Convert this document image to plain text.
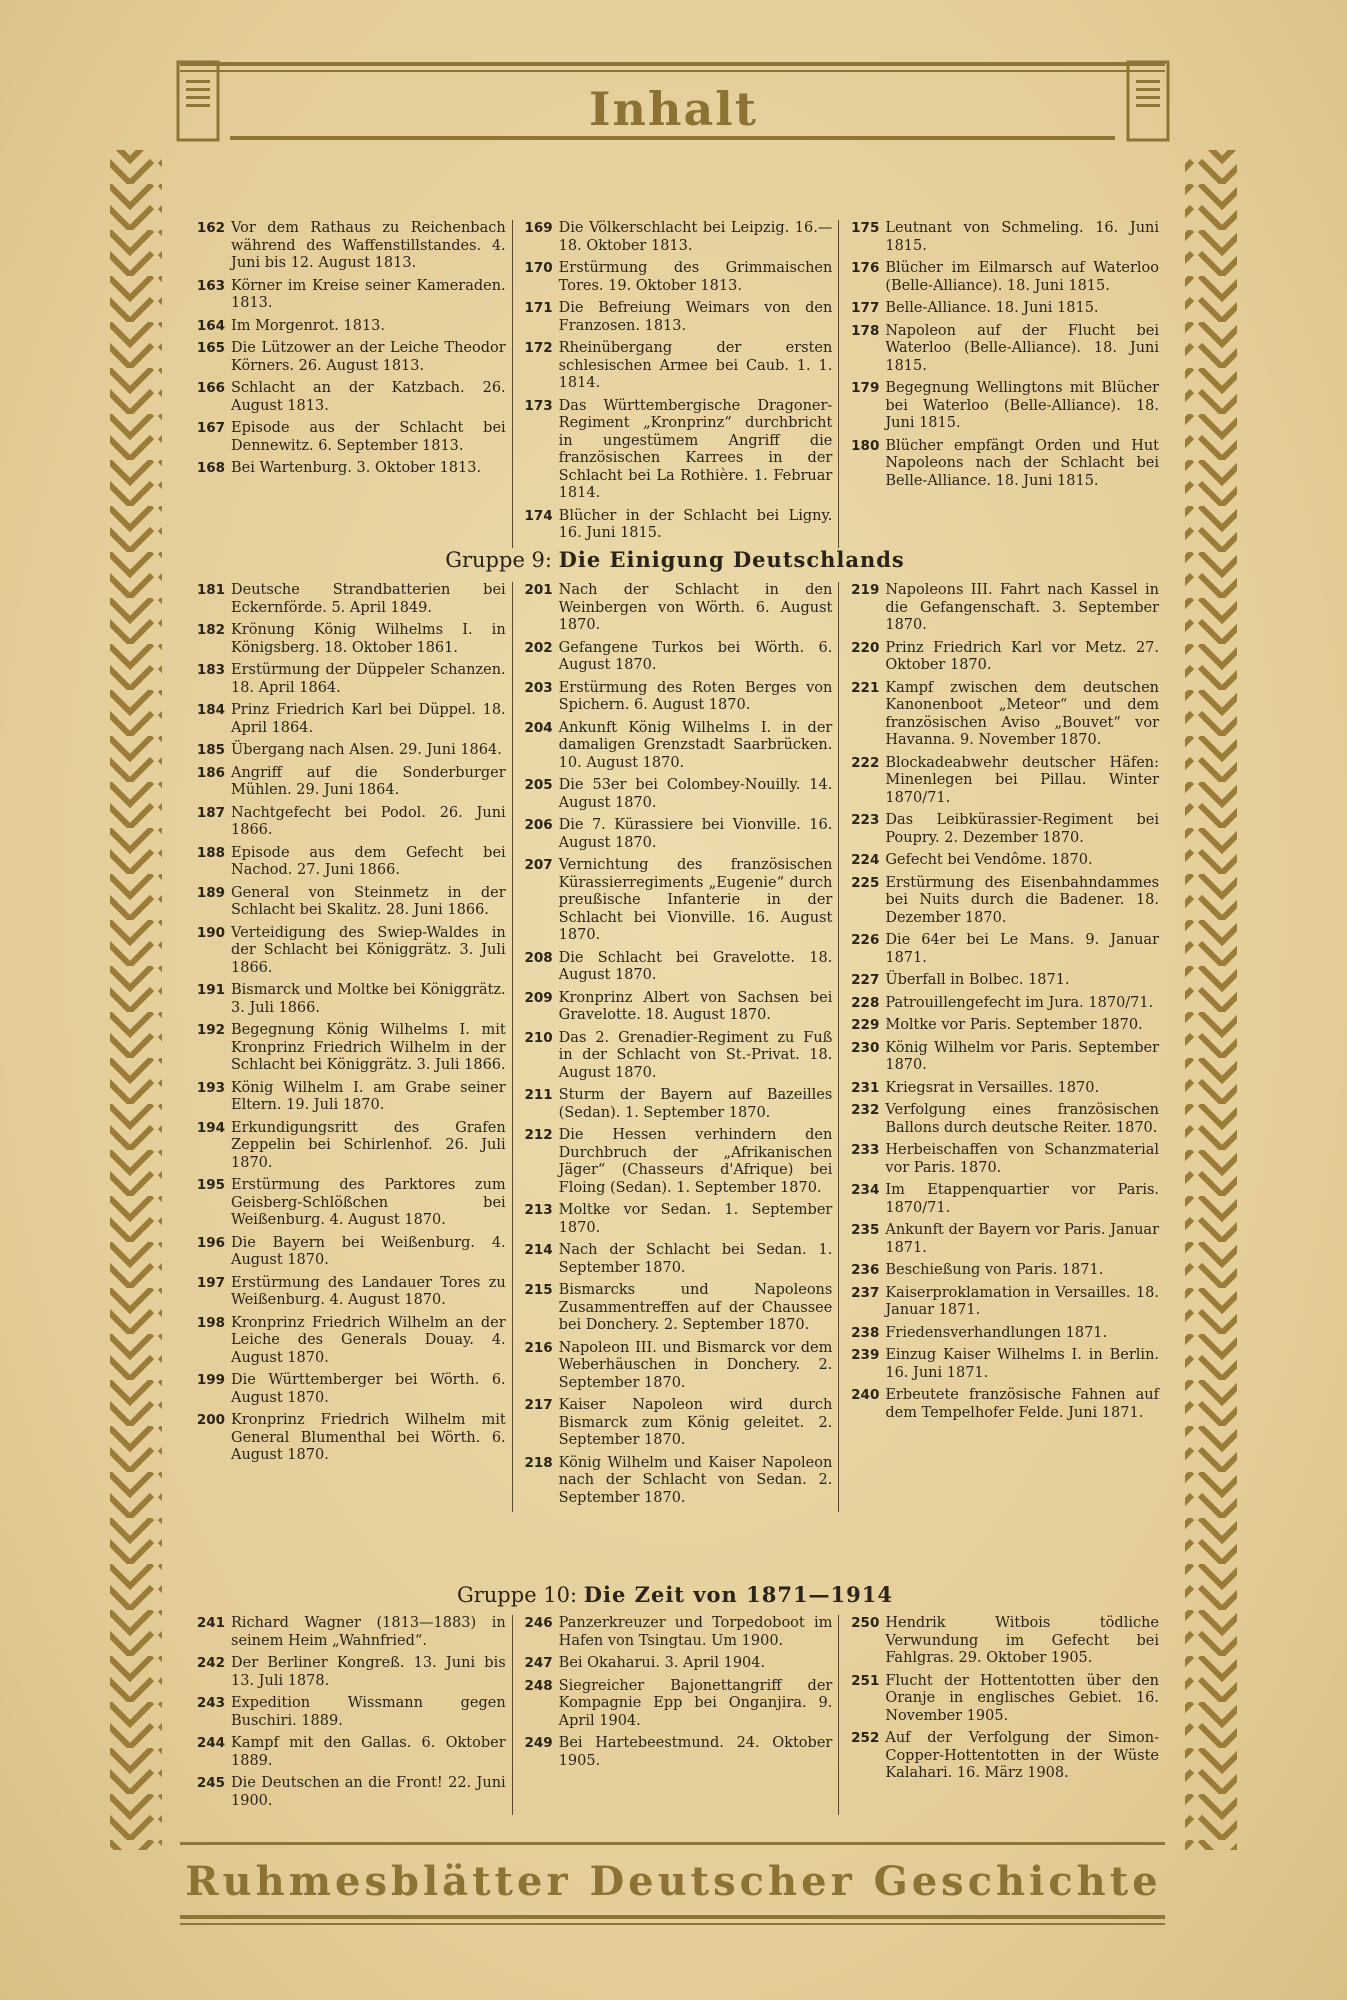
Inhalt
162 Vor dem Rathaus zu Reichenbach während des Waffenstillstandes. 4. Juni bis 12. August 1813.
163 Körner im Kreise seiner Kameraden. 1813.
164 Im Morgenrot. 1813.
165 Die Lützower an der Leiche Theodor Körners. 26. August 1813.
166 Schlacht an der Katzbach. 26. August 1813.
167 Episode aus der Schlacht bei Dennewitz. 6. September 1813.
168 Bei Wartenburg. 3. Oktober 1813.
169 Die Völkerschlacht bei Leipzig. 16.—18. Oktober 1813.
170 Erstürmung des Grimmaischen Tores. 19. Oktober 1813.
171 Die Befreiung Weimars von den Franzosen. 1813.
172 Rheinübergang der ersten schlesischen Armee bei Caub. 1. 1. 1814.
173 Das Württembergische Dragoner-Regiment „Kronprinz“ durchbricht in ungestümem Angriff die französischen Karrees in der Schlacht bei La Rothière. 1. Februar 1814.
174 Blücher in der Schlacht bei Ligny. 16. Juni 1815.
175 Leutnant von Schmeling. 16. Juni 1815.
176 Blücher im Eilmarsch auf Waterloo (Belle-Alliance). 18. Juni 1815.
177 Belle-Alliance. 18. Juni 1815.
178 Napoleon auf der Flucht bei Waterloo (Belle-Alliance). 18. Juni 1815.
179 Begegnung Wellingtons mit Blücher bei Waterloo (Belle-Alliance). 18. Juni 1815.
180 Blücher empfängt Orden und Hut Napoleons nach der Schlacht bei Belle-Alliance. 18. Juni 1815.
Gruppe 9: Die Einigung Deutschlands
181 Deutsche Strandbatterien bei Eckernförde. 5. April 1849.
182 Krönung König Wilhelms I. in Königsberg. 18. Oktober 1861.
183 Erstürmung der Düppeler Schanzen. 18. April 1864.
184 Prinz Friedrich Karl bei Düppel. 18. April 1864.
185 Übergang nach Alsen. 29. Juni 1864.
186 Angriff auf die Sonderburger Mühlen. 29. Juni 1864.
187 Nachtgefecht bei Podol. 26. Juni 1866.
188 Episode aus dem Gefecht bei Nachod. 27. Juni 1866.
189 General von Steinmetz in der Schlacht bei Skalitz. 28. Juni 1866.
190 Verteidigung des Swiep-Waldes in der Schlacht bei Königgrätz. 3. Juli 1866.
191 Bismarck und Moltke bei Königgrätz. 3. Juli 1866.
192 Begegnung König Wilhelms I. mit Kronprinz Friedrich Wilhelm in der Schlacht bei Königgrätz. 3. Juli 1866.
193 König Wilhelm I. am Grabe seiner Eltern. 19. Juli 1870.
194 Erkundigungsritt des Grafen Zeppelin bei Schirlenhof. 26. Juli 1870.
195 Erstürmung des Parktores zum Geisberg-Schlößchen bei Weißenburg. 4. August 1870.
196 Die Bayern bei Weißenburg. 4. August 1870.
197 Erstürmung des Landauer Tores zu Weißenburg. 4. August 1870.
198 Kronprinz Friedrich Wilhelm an der Leiche des Generals Douay. 4. August 1870.
199 Die Württemberger bei Wörth. 6. August 1870.
200 Kronprinz Friedrich Wilhelm mit General Blumenthal bei Wörth. 6. August 1870.
201 Nach der Schlacht in den Weinbergen von Wörth. 6. August 1870.
202 Gefangene Turkos bei Wörth. 6. August 1870.
203 Erstürmung des Roten Berges von Spichern. 6. August 1870.
204 Ankunft König Wilhelms I. in der damaligen Grenzstadt Saarbrücken. 10. August 1870.
205 Die 53er bei Colombey-Nouilly. 14. August 1870.
206 Die 7. Kürassiere bei Vionville. 16. August 1870.
207 Vernichtung des französischen Kürassierregiments „Eugenie“ durch preußische Infanterie in der Schlacht bei Vionville. 16. August 1870.
208 Die Schlacht bei Gravelotte. 18. August 1870.
209 Kronprinz Albert von Sachsen bei Gravelotte. 18. August 1870.
210 Das 2. Grenadier-Regiment zu Fuß in der Schlacht von St.-Privat. 18. August 1870.
211 Sturm der Bayern auf Bazeilles (Sedan). 1. September 1870.
212 Die Hessen verhindern den Durchbruch der „Afrikanischen Jäger“ (Chasseurs d'Afrique) bei Floing (Sedan). 1. September 1870.
213 Moltke vor Sedan. 1. September 1870.
214 Nach der Schlacht bei Sedan. 1. September 1870.
215 Bismarcks und Napoleons Zusammentreffen auf der Chaussee bei Donchery. 2. September 1870.
216 Napoleon III. und Bismarck vor dem Weberhäuschen in Donchery. 2. September 1870.
217 Kaiser Napoleon wird durch Bismarck zum König geleitet. 2. September 1870.
218 König Wilhelm und Kaiser Napoleon nach der Schlacht von Sedan. 2. September 1870.
219 Napoleons III. Fahrt nach Kassel in die Gefangenschaft. 3. September 1870.
220 Prinz Friedrich Karl vor Metz. 27. Oktober 1870.
221 Kampf zwischen dem deutschen Kanonenboot „Meteor“ und dem französischen Aviso „Bouvet“ vor Havanna. 9. November 1870.
222 Blockadeabwehr deutscher Häfen: Minenlegen bei Pillau. Winter 1870/71.
223 Das Leibkürassier-Regiment bei Poupry. 2. Dezember 1870.
224 Gefecht bei Vendôme. 1870.
225 Erstürmung des Eisenbahndammes bei Nuits durch die Badener. 18. Dezember 1870.
226 Die 64er bei Le Mans. 9. Januar 1871.
227 Überfall in Bolbec. 1871.
228 Patrouillengefecht im Jura. 1870/71.
229 Moltke vor Paris. September 1870.
230 König Wilhelm vor Paris. September 1870.
231 Kriegsrat in Versailles. 1870.
232 Verfolgung eines französischen Ballons durch deutsche Reiter. 1870.
233 Herbeischaffen von Schanzmaterial vor Paris. 1870.
234 Im Etappenquartier vor Paris. 1870/71.
235 Ankunft der Bayern vor Paris. Januar 1871.
236 Beschießung von Paris. 1871.
237 Kaiserproklamation in Versailles. 18. Januar 1871.
238 Friedensverhandlungen 1871.
239 Einzug Kaiser Wilhelms I. in Berlin. 16. Juni 1871.
240 Erbeutete französische Fahnen auf dem Tempelhofer Felde. Juni 1871.
Gruppe 10: Die Zeit von 1871—1914
241 Richard Wagner (1813—1883) in seinem Heim „Wahnfried“.
242 Der Berliner Kongreß. 13. Juni bis 13. Juli 1878.
243 Expedition Wissmann gegen Buschiri. 1889.
244 Kampf mit den Gallas. 6. Oktober 1889.
245 Die Deutschen an die Front! 22. Juni 1900.
246 Panzerkreuzer und Torpedoboot im Hafen von Tsingtau. Um 1900.
247 Bei Okaharui. 3. April 1904.
248 Siegreicher Bajonettangriff der Kompagnie Epp bei Onganjira. 9. April 1904.
249 Bei Hartebeestmund. 24. Oktober 1905.
250 Hendrik Witbois tödliche Verwundung im Gefecht bei Fahlgras. 29. Oktober 1905.
251 Flucht der Hottentotten über den Oranje in englisches Gebiet. 16. November 1905.
252 Auf der Verfolgung der Simon-Copper-Hottentotten in der Wüste Kalahari. 16. März 1908.
Ruhmesblätter Deutscher Geschichte
